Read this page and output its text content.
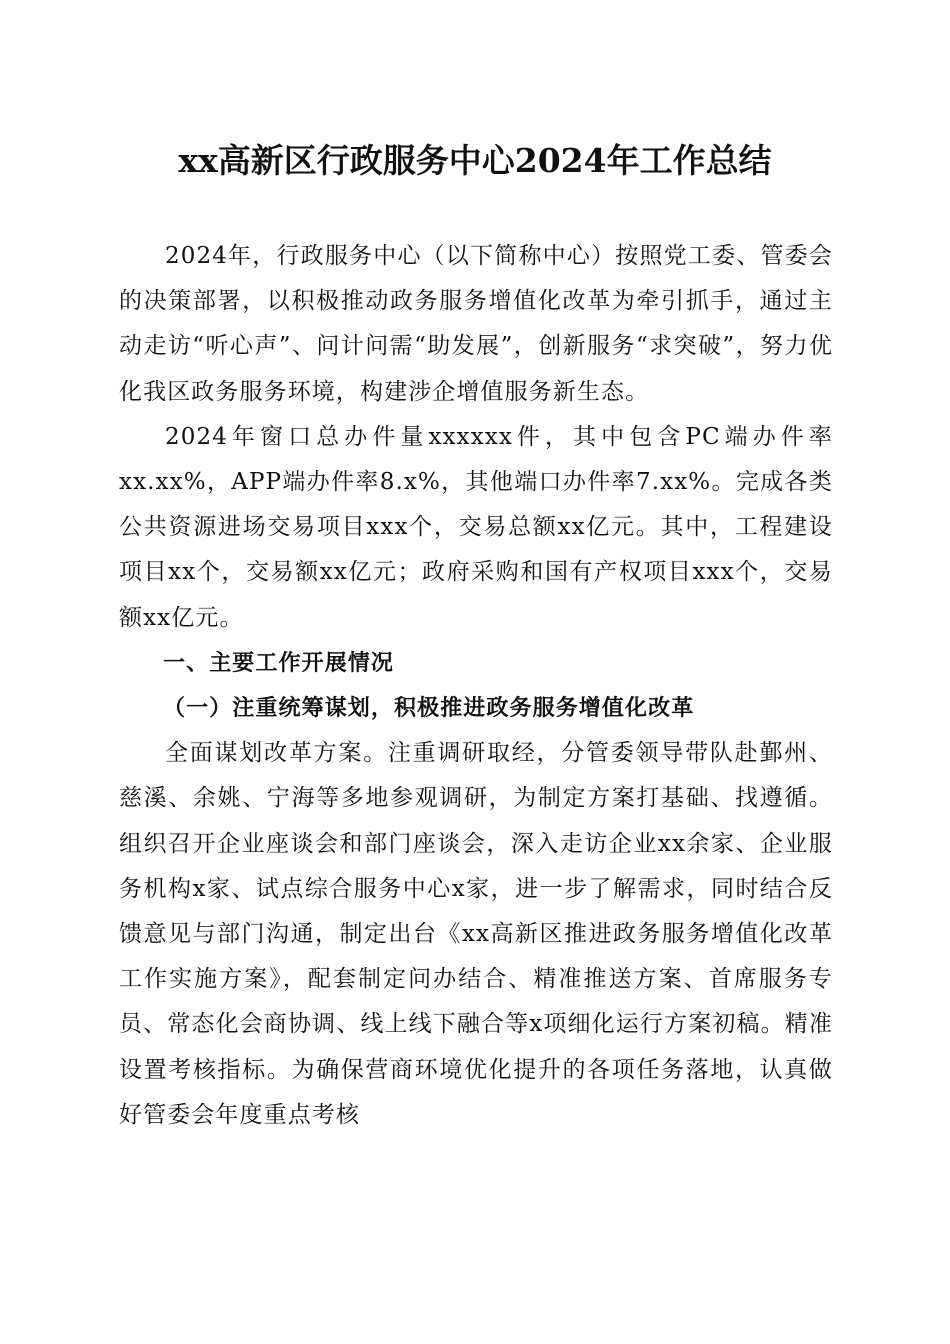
xx高新区行政服务中心2024年工作总结

2024年，行政服务中心（以下简称中心）按照党工委、管委会的决策部署，以积极推动政务服务增值化改革为牵引抓手，通过主动走访“听心声”、问计问需“助发展”，创新服务“求突破”，努力优化我区政务服务环境，构建涉企增值服务新生态。

2024年窗口总办件量xxxxxx件，其中包含PC端办件率xx.xx%，APP端办件率8.x%，其他端口办件率7.xx%。完成各类公共资源进场交易项目xxx个，交易总额xx亿元。其中，工程建设项目xx个，交易额xx亿元；政府采购和国有产权项目xxx个，交易额xx亿元。

一、主要工作开展情况
（一）注重统筹谋划，积极推进政务服务增值化改革

全面谋划改革方案。注重调研取经，分管委领导带队赴鄞州、慈溪、余姚、宁海等多地参观调研，为制定方案打基础、找遵循。组织召开企业座谈会和部门座谈会，深入走访企业xx余家、企业服务机构x家、试点综合服务中心x家，进一步了解需求，同时结合反馈意见与部门沟通，制定出台《xx高新区推进政务服务增值化改革工作实施方案》，配套制定问办结合、精准推送方案、首席服务专员、常态化会商协调、线上线下融合等x项细化运行方案初稿。精准设置考核指标。为确保营商环境优化提升的各项任务落地，认真做好管委会年度重点考核
